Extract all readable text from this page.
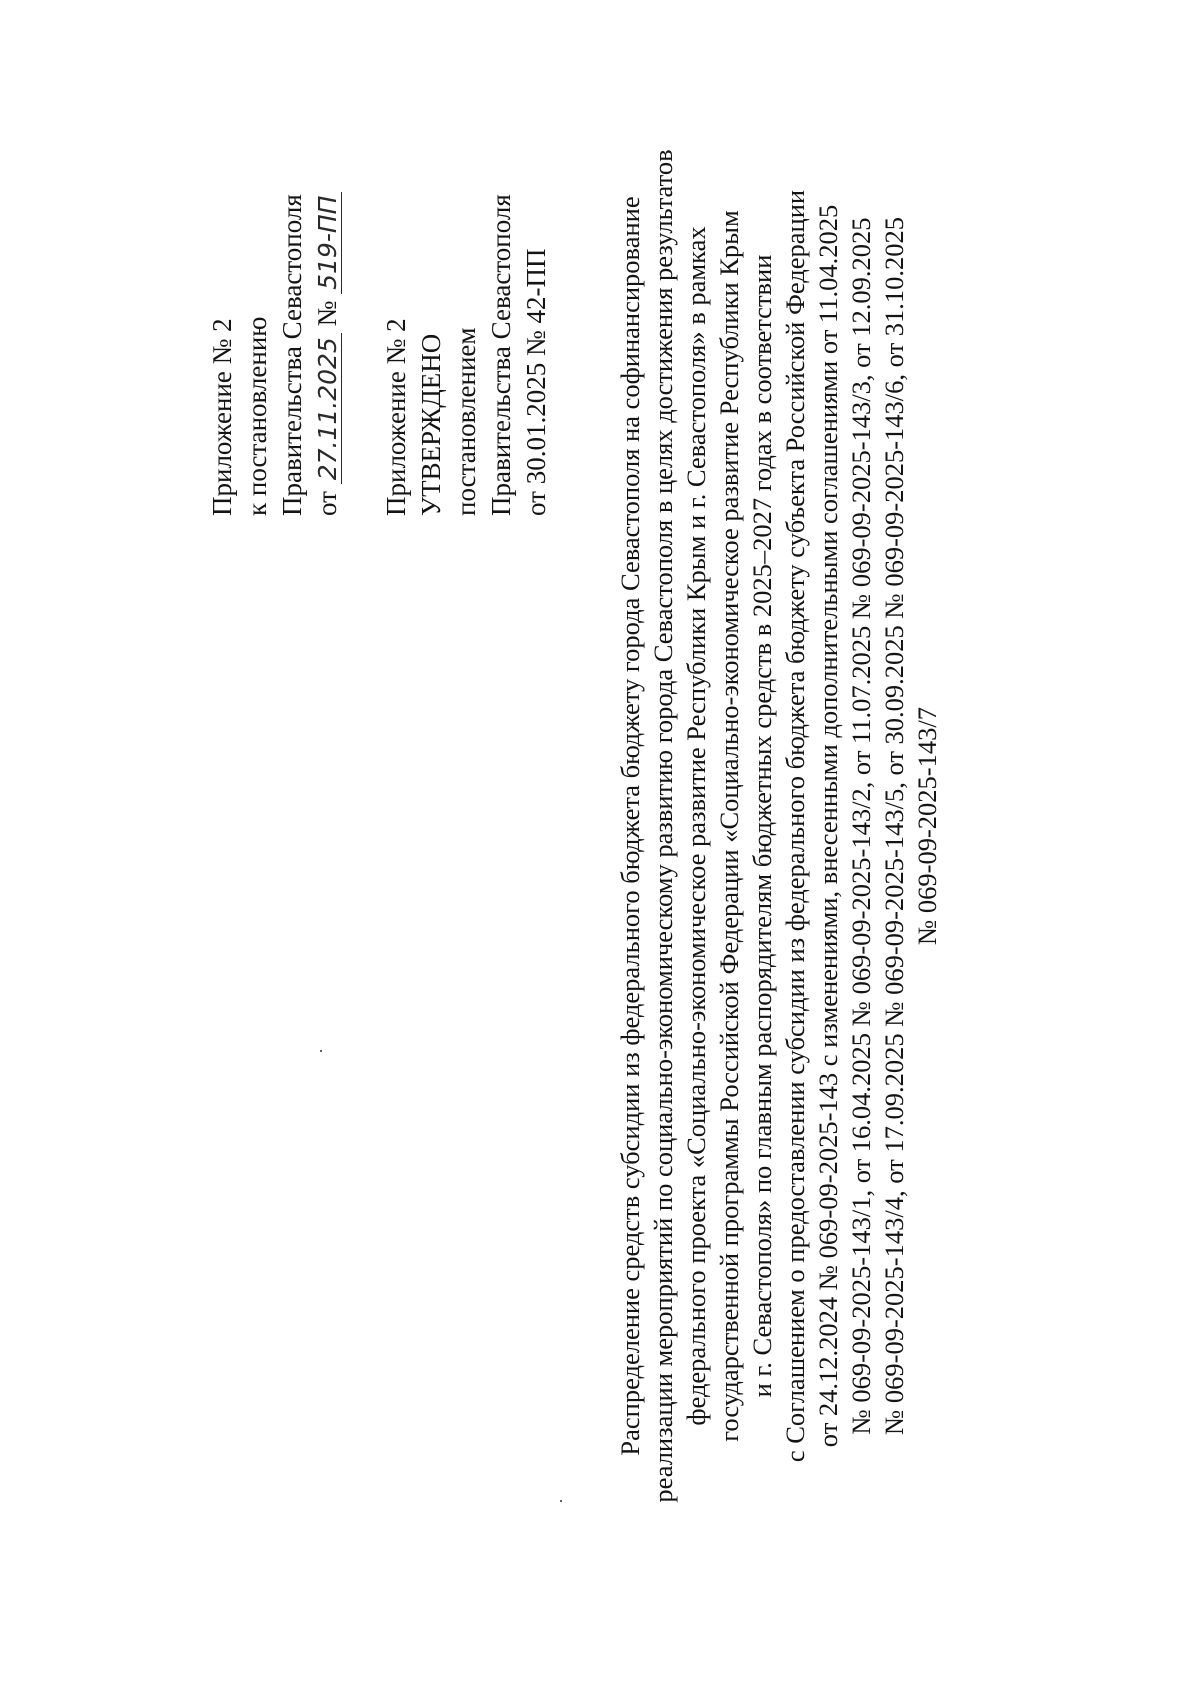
Приложение № 2 к постановлению Правительства Севастополя от 27.11.2025 № 519-ПП
Приложение № 2 УТВЕРЖДЕНО постановлением Правительства Севастополя от 30.01.2025 № 42-ПП Распределение средств субсидии из федерального бюджета бюджету города Севастополя на софинансирование реализации мероприятий по социально-экономическому развитию города Севастополя в целях достижения результатов федерального проекта «Социально-экономическое развитие Республики Крым и г. Севастополя» в рамках государственной программы Российской Федерации «Социально-экономическое развитие Республики Крым и г. Севастополя» по главным распорядителям бюджетных средств в 2025–2027 годах в соответствии с Соглашением о предоставлении субсидии из федерального бюджета бюджету субъекта Российской Федерации от 24.12.2024 № 069-09-2025-143 с изменениями, внесенными дополнительными соглашениями от 11.04.2025 № 069-09-2025-143/1, от 16.04.2025 № 069-09-2025-143/2, от 11.07.2025 № 069-09-2025-143/3, от 12.09.2025 № 069-09-2025-143/4, от 17.09.2025 № 069-09-2025-143/5, от 30.09.2025 № 069-09-2025-143/6, от 31.10.2025 № 069-09-2025-143/7
